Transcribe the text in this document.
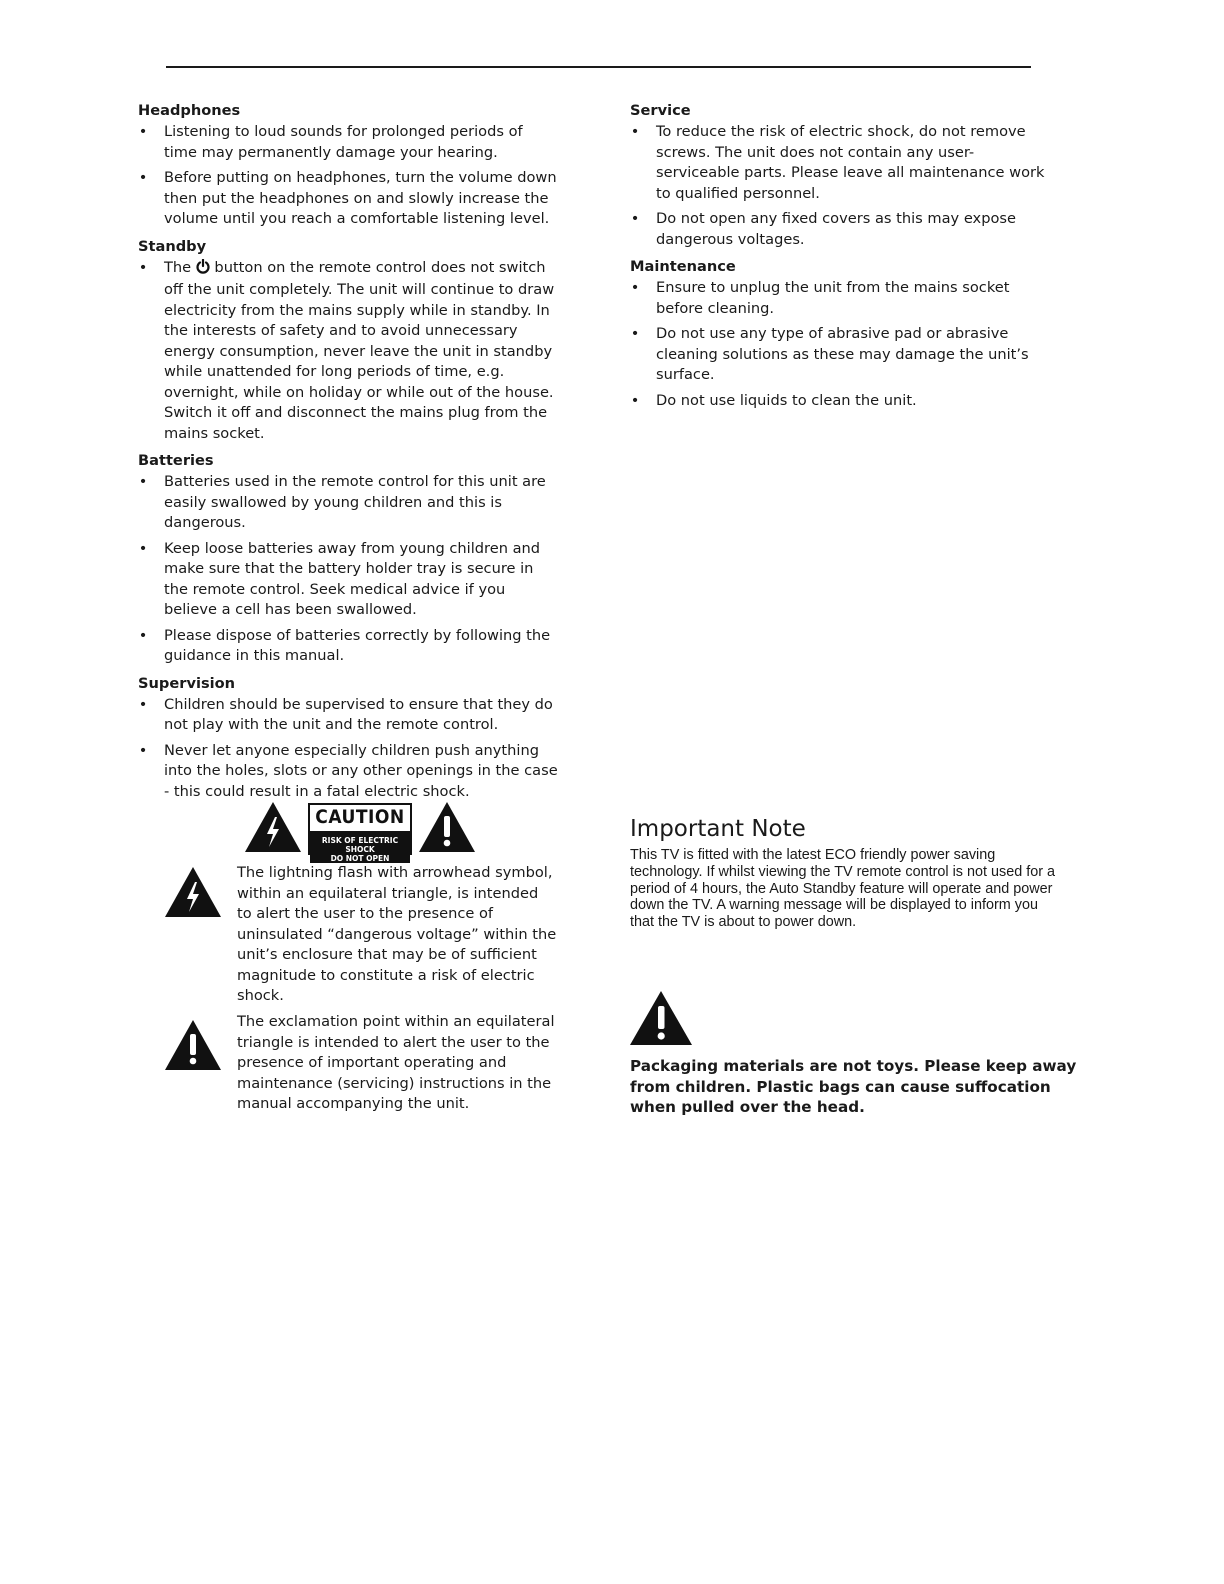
Headphones
• Listening to loud sounds for prolonged periods of time may permanently damage your hearing.
• Before putting on headphones, turn the volume down then put the headphones on and slowly increase the volume until you reach a comfortable listening level.
Standby
• The  button on the remote control does not switch off the unit completely. The unit will continue to draw electricity from the mains supply while in standby. In the interests of safety and to avoid unnecessary energy consumption, never leave the unit in standby while unattended for long periods of time, e.g. overnight, while on holiday or while out of the house. Switch it off and disconnect the mains plug from the mains socket.
Batteries
• Batteries used in the remote control for this unit are easily swallowed by young children and this is dangerous.
• Keep loose batteries away from young children and make sure that the battery holder tray is secure in the remote control. Seek medical advice if you believe a cell has been swallowed.
• Please dispose of batteries correctly by following the guidance in this manual.
Supervision
• Children should be supervised to ensure that they do not play with the unit and the remote control.
• Never let anyone especially children push anything into the holes, slots or any other openings in the case - this could result in a fatal electric shock.
CAUTION
RISK OF ELECTRIC SHOCK
DO NOT OPEN
The lightning flash with arrowhead symbol, within an equilateral triangle, is intended to alert the user to the presence of uninsulated “dangerous voltage” within the unit’s enclosure that may be of sufficient magnitude to constitute a risk of electric shock.
The exclamation point within an equilateral triangle is intended to alert the user to the presence of important operating and maintenance (servicing) instructions in the manual accompanying the unit.
Service
• To reduce the risk of electric shock, do not remove screws. The unit does not contain any user-serviceable parts. Please leave all maintenance work to qualified personnel.
• Do not open any fixed covers as this may expose dangerous voltages.
Maintenance
• Ensure to unplug the unit from the mains socket before cleaning.
• Do not use any type of abrasive pad or abrasive cleaning solutions as these may damage the unit’s surface.
• Do not use liquids to clean the unit.
Important Note
This TV is fitted with the latest ECO friendly power saving technology. If whilst viewing the TV remote control is not used for a period of 4 hours, the Auto Standby feature will operate and power down the TV. A warning message will be displayed to inform you that the TV is about to power down.
Packaging materials are not toys. Please keep away from children. Plastic bags can cause suffocation when pulled over the head.
